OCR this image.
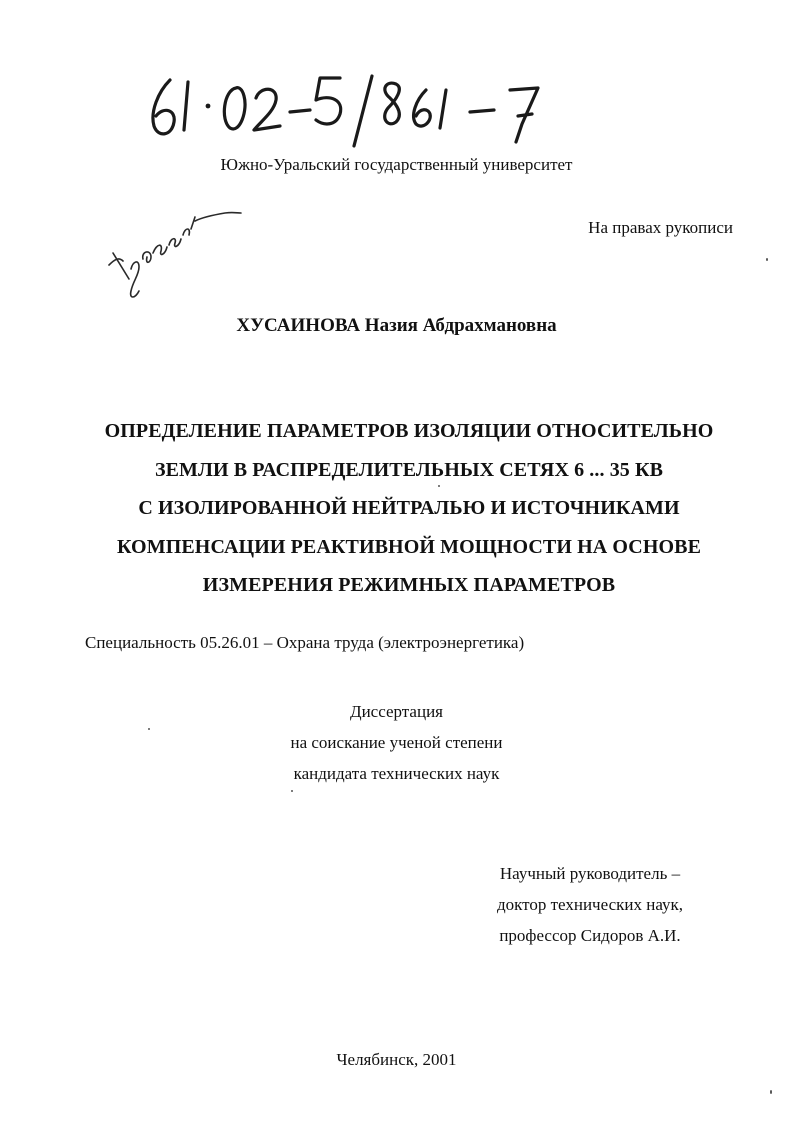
Южно-Уральский государственный университет

На правах рукописи

ХУСАИНОВА Назия Абдрахмановна

ОПРЕДЕЛЕНИЕ ПАРАМЕТРОВ ИЗОЛЯЦИИ ОТНОСИТЕЛЬНО
ЗЕМЛИ В РАСПРЕДЕЛИТЕЛЬНЫХ СЕТЯХ 6 ... 35 КВ
С ИЗОЛИРОВАННОЙ НЕЙТРАЛЬЮ И ИСТОЧНИКАМИ
КОМПЕНСАЦИИ РЕАКТИВНОЙ МОЩНОСТИ НА ОСНОВЕ
ИЗМЕРЕНИЯ РЕЖИМНЫХ ПАРАМЕТРОВ

Специальность 05.26.01 – Охрана труда (электроэнергетика)

Диссертация
на соискание ученой степени
кандидата технических наук
Научный руководитель –
доктор технических наук,
профессор Сидоров А.И.

Челябинск, 2001
